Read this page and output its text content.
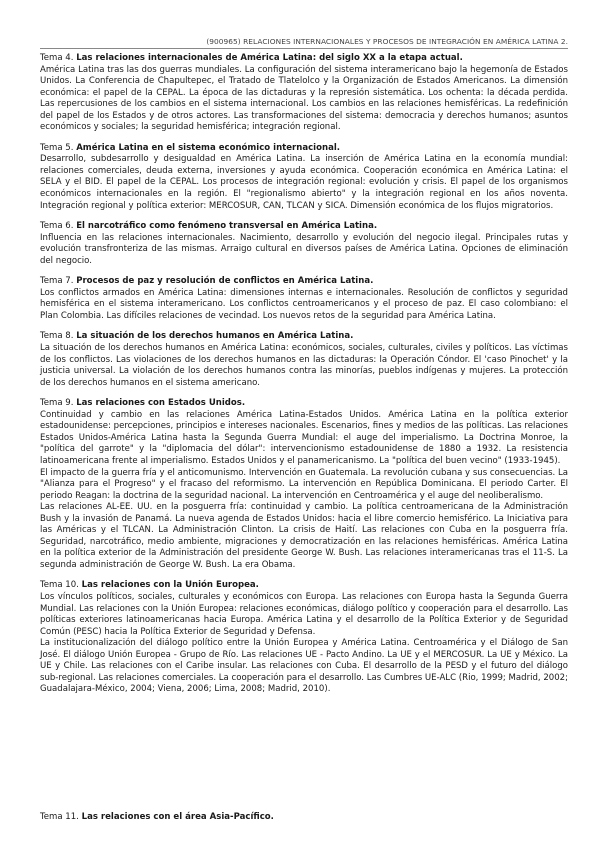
(900965) RELACIONES INTERNACIONALES Y PROCESOS DE INTEGRACIÓN EN AMÉRICA LATINA 2.
Tema 4. Las relaciones internacionales de América Latina: del siglo XX a la etapa actual.

América Latina tras las dos guerras mundiales. La configuración del sistema interamericano bajo la hegemonía de Estados Unidos. La Conferencia de Chapultepec, el Tratado de Tlatelolco y la Organización de Estados Americanos. La dimensión económica: el papel de la CEPAL. La época de las dictaduras y la represión sistemática. Los ochenta: la década perdida. Las repercusiones de los cambios en el sistema internacional. Los cambios en las relaciones hemisféricas. La redefinición del papel de los Estados y de otros actores. Las transformaciones del sistema: democracia y derechos humanos; asuntos económicos y sociales; la seguridad hemisférica; integración regional.

Tema 5. América Latina en el sistema económico internacional.

Desarrollo, subdesarrollo y desigualdad en América Latina. La inserción de América Latina en la economía mundial: relaciones comerciales, deuda externa, inversiones y ayuda económica. Cooperación económica en América Latina: el SELA y el BID. El papel de la CEPAL. Los procesos de integración regional: evolución y crisis. El papel de los organismos económicos internacionales en la región. El "regionalismo abierto" y la integración regional en los años noventa. Integración regional y política exterior: MERCOSUR, CAN, TLCAN y SICA. Dimensión económica de los flujos migratorios.

Tema 6. El narcotráfico como fenómeno transversal en América Latina.

Influencia en las relaciones internacionales. Nacimiento, desarrollo y evolución del negocio ilegal. Principales rutas y evolución transfronteriza de las mismas. Arraigo cultural en diversos países de América Latina. Opciones de eliminación del negocio.

Tema 7. Procesos de paz y resolución de conflictos en América Latina.

Los conflictos armados en América Latina: dimensiones internas e internacionales. Resolución de conflictos y seguridad hemisférica en el sistema interamericano. Los conflictos centroamericanos y el proceso de paz. El caso colombiano: el Plan Colombia. Las difíciles relaciones de vecindad. Los nuevos retos de la seguridad para América Latina.

Tema 8. La situación de los derechos humanos en América Latina.

La situación de los derechos humanos en América Latina: económicos, sociales, culturales, civiles y políticos. Las víctimas de los conflictos. Las violaciones de los derechos humanos en las dictaduras: la Operación Cóndor. El 'caso Pinochet' y la justicia universal. La violación de los derechos humanos contra las minorías, pueblos indígenas y mujeres. La protección de los derechos humanos en el sistema americano.

Tema 9. Las relaciones con Estados Unidos.

Continuidad y cambio en las relaciones América Latina-Estados Unidos. América Latina en la política exterior estadounidense: percepciones, principios e intereses nacionales. Escenarios, fines y medios de las políticas. Las relaciones Estados Unidos-América Latina hasta la Segunda Guerra Mundial: el auge del imperialismo. La Doctrina Monroe, la "política del garrote" y la "diplomacia del dólar": intervencionismo estadounidense de 1880 a 1932. La resistencia latinoamericana frente al imperialismo. Estados Unidos y el panamericanismo. La "política del buen vecino" (1933-1945).

El impacto de la guerra fría y el anticomunismo. Intervención en Guatemala. La revolución cubana y sus consecuencias. La "Alianza para el Progreso" y el fracaso del reformismo. La intervención en República Dominicana. El periodo Carter. El periodo Reagan: la doctrina de la seguridad nacional. La intervención en Centroamérica y el auge del neoliberalismo.

Las relaciones AL-EE. UU. en la posguerra fría: continuidad y cambio. La política centroamericana de la Administración Bush y la invasión de Panamá. La nueva agenda de Estados Unidos: hacia el libre comercio hemisférico. La Iniciativa para las Américas y el TLCAN. La Administración Clinton. La crisis de Haití. Las relaciones con Cuba en la posguerra fría. Seguridad, narcotráfico, medio ambiente, migraciones y democratización en las relaciones hemisféricas. América Latina en la política exterior de la Administración del presidente George W. Bush. Las relaciones interamericanas tras el 11-S. La segunda administración de George W. Bush. La era Obama.

Tema 10. Las relaciones con la Unión Europea.

Los vínculos políticos, sociales, culturales y económicos con Europa. Las relaciones con Europa hasta la Segunda Guerra Mundial. Las relaciones con la Unión Europea: relaciones económicas, diálogo político y cooperación para el desarrollo. Las políticas exteriores latinoamericanas hacia Europa. América Latina y el desarrollo de la Política Exterior y de Seguridad Común (PESC) hacia la Política Exterior de Seguridad y Defensa.

La institucionalización del diálogo político entre la Unión Europea y América Latina. Centroamérica y el Diálogo de San José. El diálogo Unión Europea - Grupo de Río. Las relaciones UE - Pacto Andino. La UE y el MERCOSUR. La UE y México. La UE y Chile. Las relaciones con el Caribe insular. Las relaciones con Cuba. El desarrollo de la PESD y el futuro del diálogo sub-regional. Las relaciones comerciales. La cooperación para el desarrollo. Las Cumbres UE-ALC (Rio, 1999; Madrid, 2002; Guadalajara-México, 2004; Viena, 2006; Lima, 2008; Madrid, 2010).

Tema 11. Las relaciones con el área Asia-Pacífico.
